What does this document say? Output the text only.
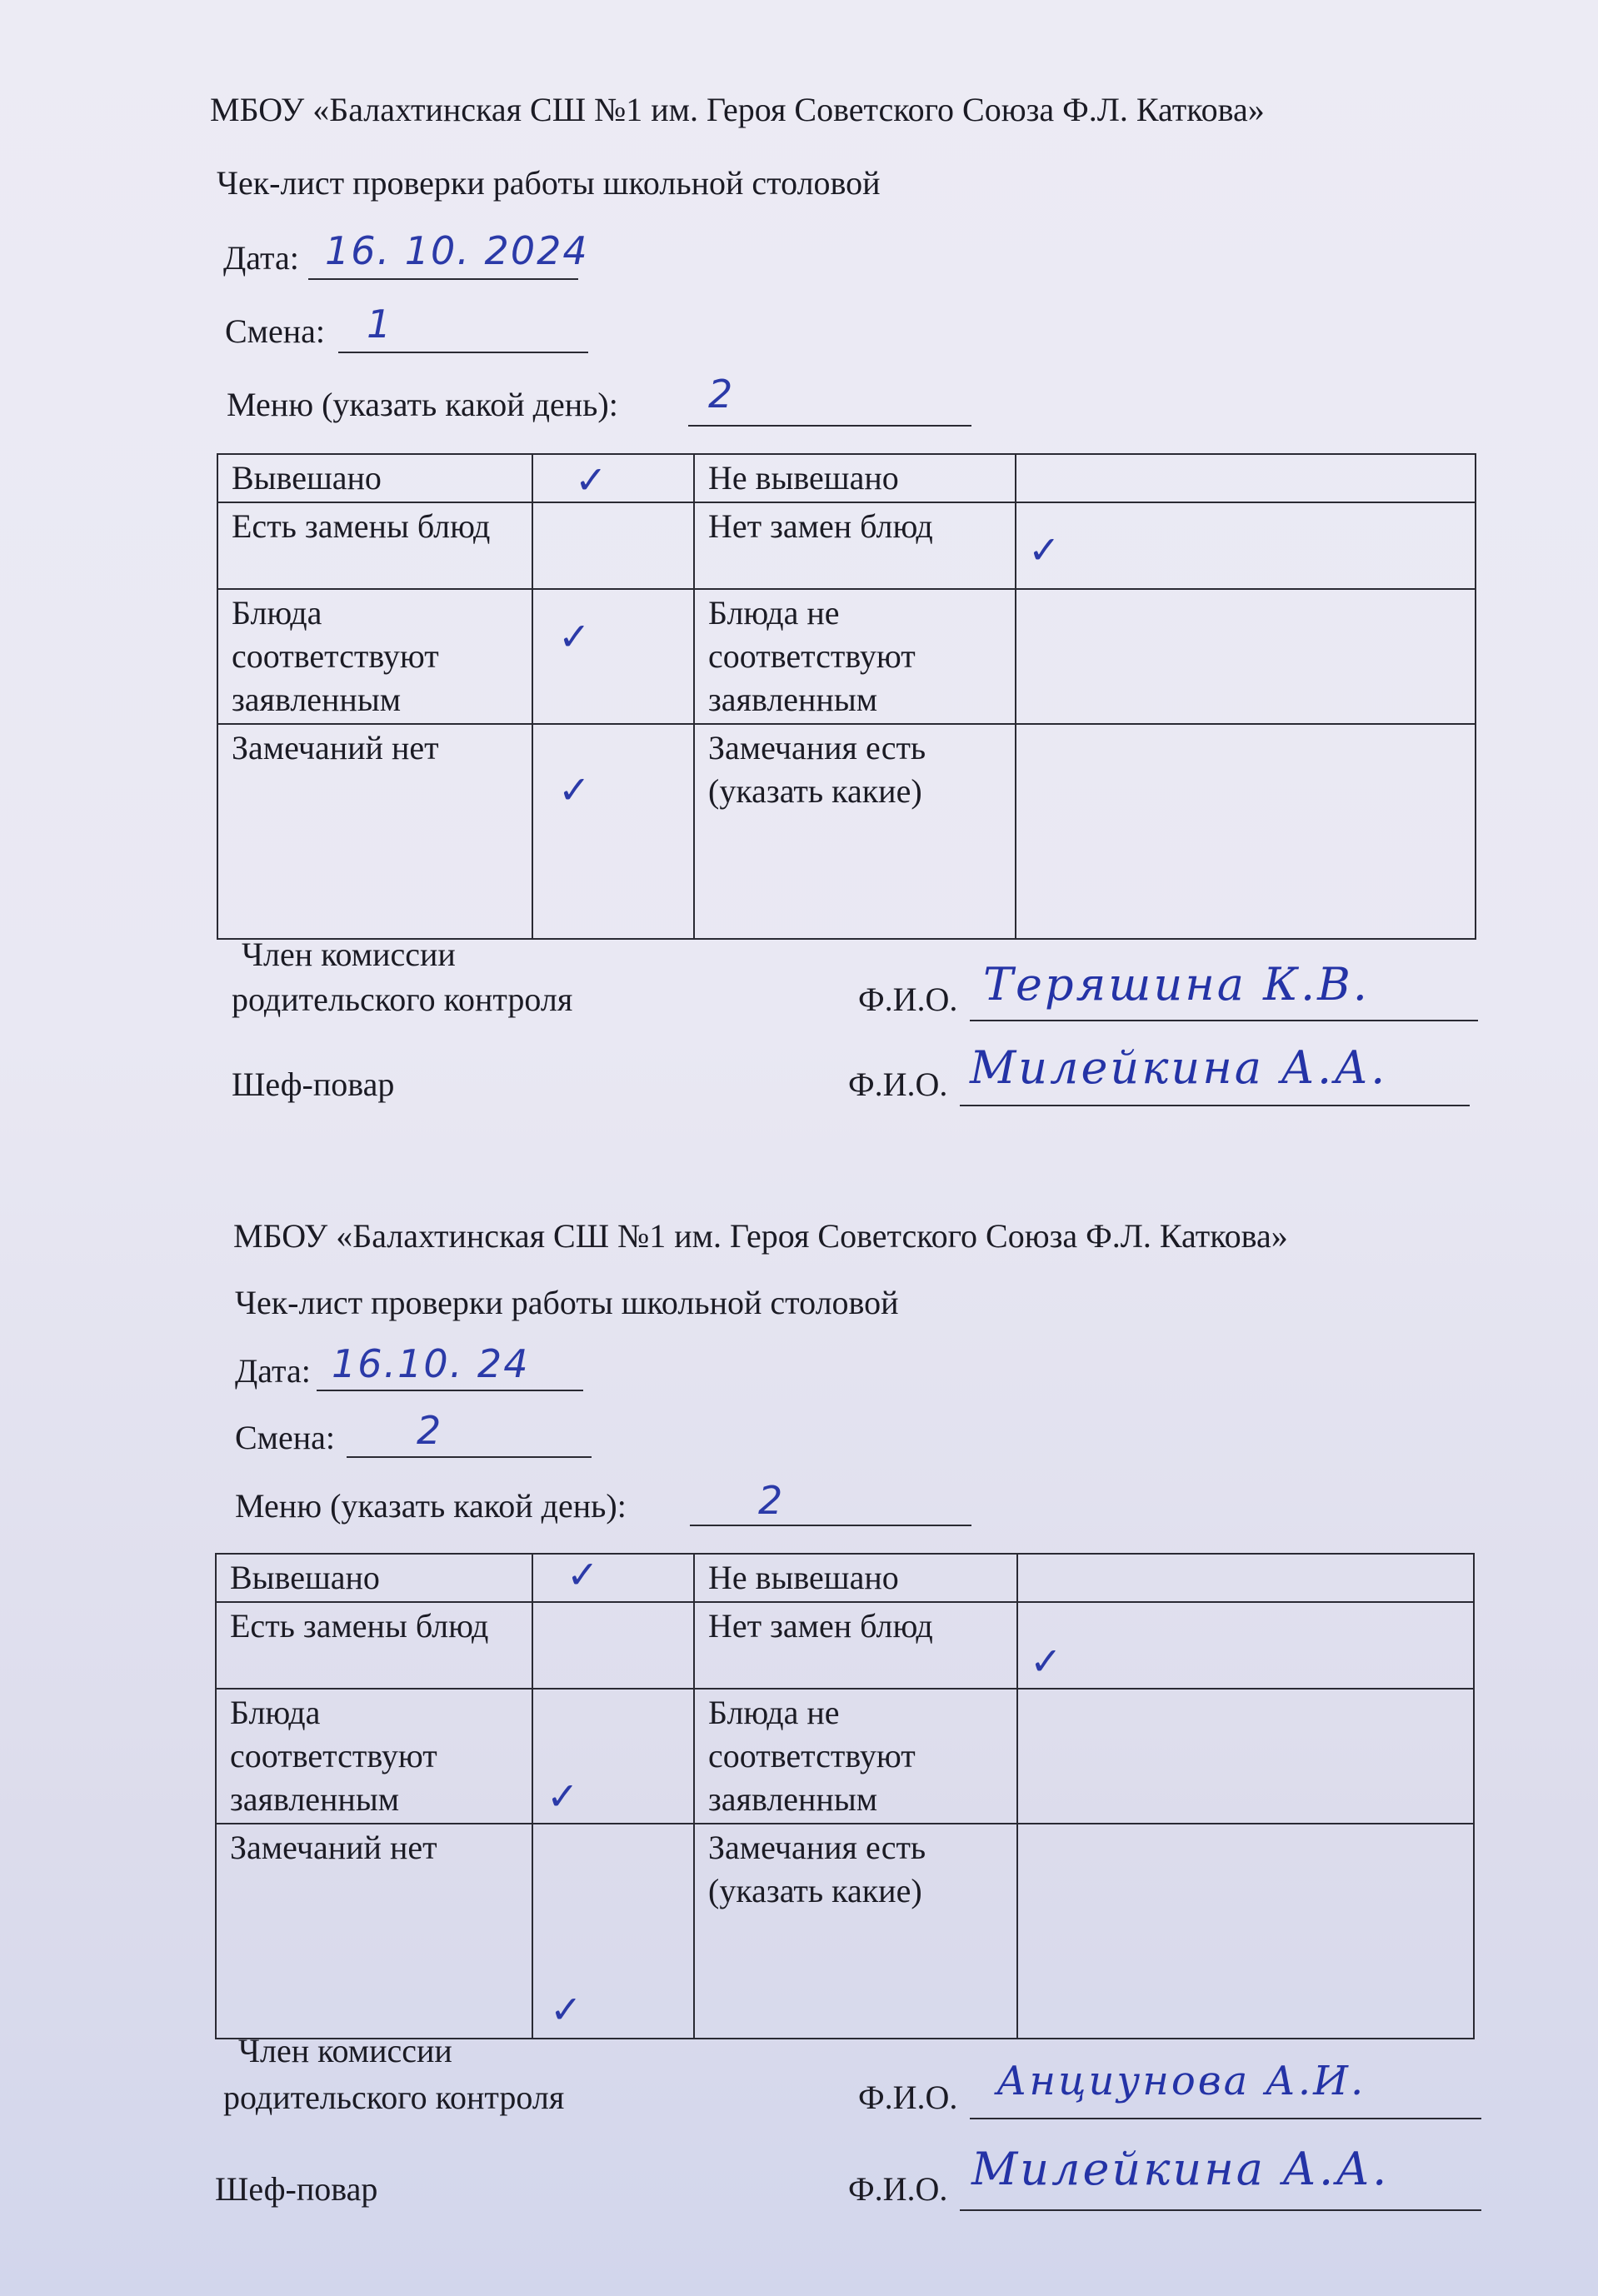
МБОУ «Балахтинская СШ №1 им. Героя Советского Союза Ф.Л. Каткова»
Чек-лист проверки работы школьной столовой
Дата: 16. 10. 2024
Смена: 1
Меню (указать какой день): 2
Вывешано	✓	Не вывешано	
Есть замены блюд		Нет замен блюд	✓

Блюда соответствуют заявленным	✓	Блюда не соответствуют заявленным	
Замечаний нет	✓	Замечания есть (указать какие)	
Член комиссии
родительского контроля	Ф.И.О. Теряшина К.В.
Шеф-повар	Ф.И.О. Милейкина А.А.
МБОУ «Балахтинская СШ №1 им. Героя Советского Союза Ф.Л. Каткова»
Чек-лист проверки работы школьной столовой
Дата: 16.10. 24
Смена: 2
Меню (указать какой день):	2
Вывешано	✓	Не вывешано	
Есть замены блюд		Нет замен блюд	✓

Блюда соответствуют заявленным	✓	Блюда не соответствуют заявленным	
Замечаний нет	✓	Замечания есть (указать какие)	
Член комиссии
родительского контроля	Ф.И.О. Анциунова А.И.
Шеф-повар	Ф.И.О. Милейкина А.А.
